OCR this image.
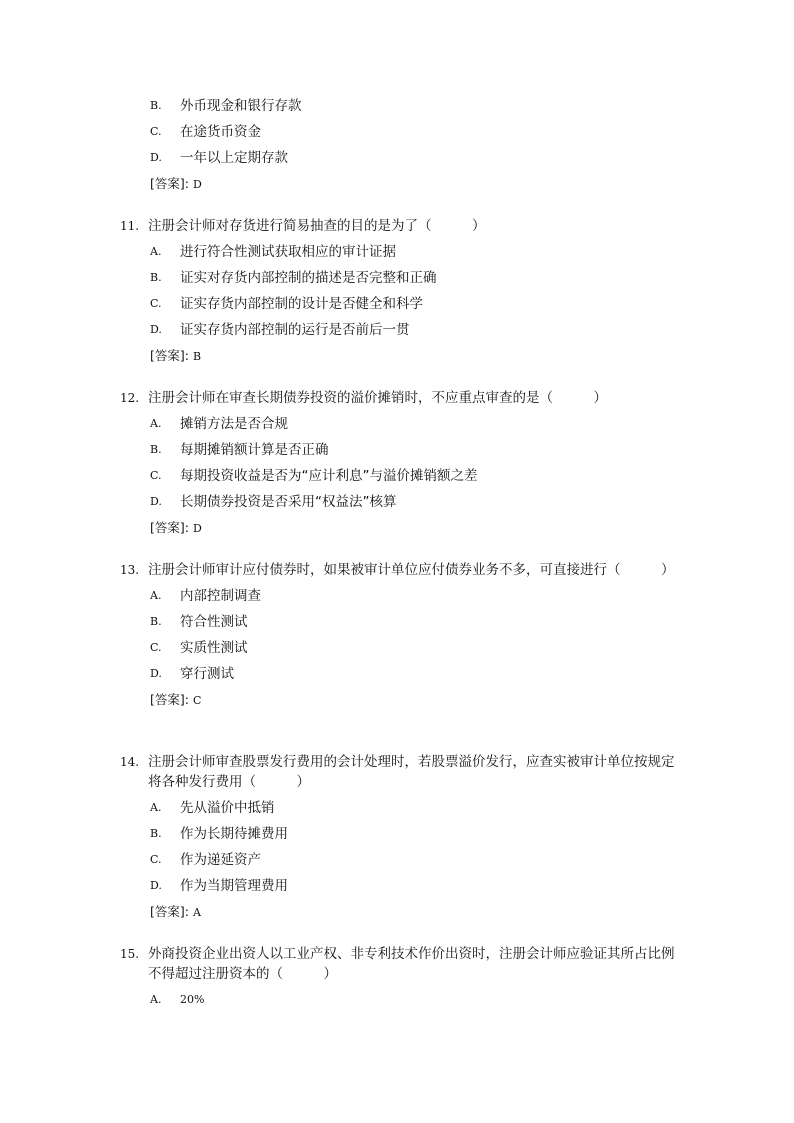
B.	外币现金和银行存款
C.	在途货币资金
D.	一年以上定期存款
[答案]: D
11. 注册会计师对存货进行简易抽查的目的是为了（　　　）
A.	进行符合性测试获取相应的审计证据
B.	证实对存货内部控制的描述是否完整和正确
C.	证实存货内部控制的设计是否健全和科学
D.	证实存货内部控制的运行是否前后一贯
[答案]: B
12. 注册会计师在审查长期债券投资的溢价摊销时，不应重点审查的是（　　　）
A.	摊销方法是否合规
B.	每期摊销额计算是否正确
C.	每期投资收益是否为“应计利息”与溢价摊销额之差
D.	长期债券投资是否采用“权益法”核算
[答案]: D
13. 注册会计师审计应付债券时，如果被审计单位应付债券业务不多，可直接进行（　　　）
A.	内部控制调查
B.	符合性测试
C.	实质性测试
D.	穿行测试
[答案]: C
14. 注册会计师审查股票发行费用的会计处理时，若股票溢价发行，应查实被审计单位按规定将各种发行费用（　　　）
A.	先从溢价中抵销
B.	作为长期待摊费用
C.	作为递延资产
D.	作为当期管理费用
[答案]: A
15. 外商投资企业出资人以工业产权、非专利技术作价出资时，注册会计师应验证其所占比例不得超过注册资本的（　　　）
A.	20%
